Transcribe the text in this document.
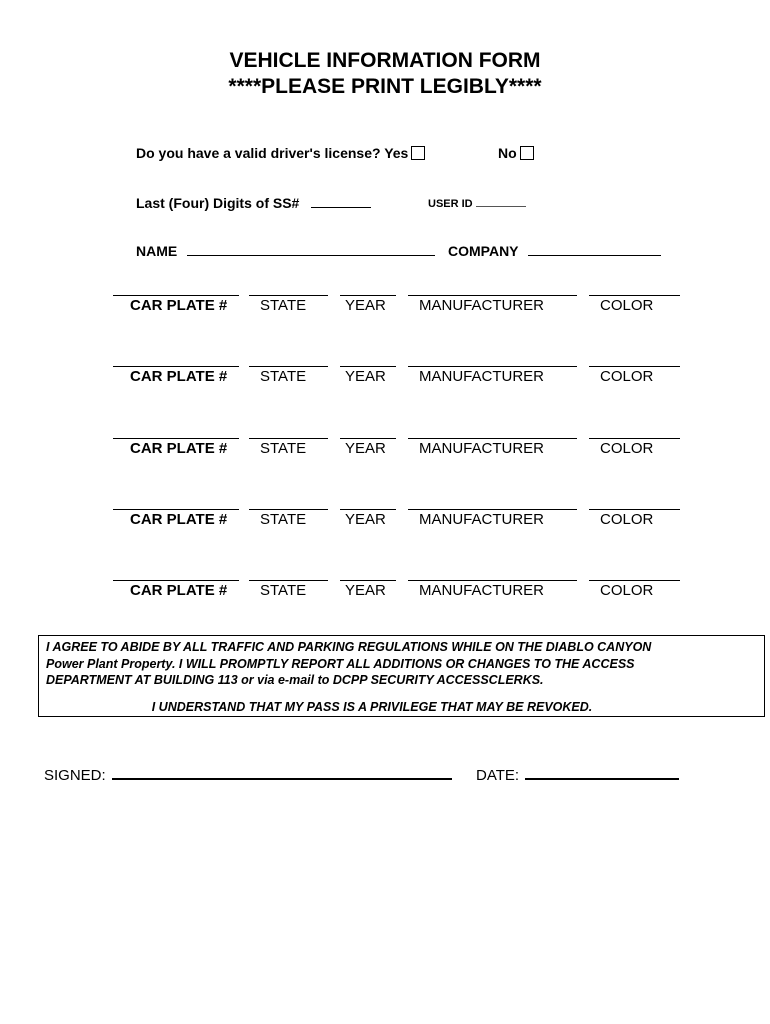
VEHICLE INFORMATION FORM
****PLEASE PRINT LEGIBLY****
Do you have a valid driver's license? Yes	No
Last (Four) Digits of SS#	USER ID
NAME	COMPANY
CAR PLATE # STATE	YEAR MANUFACTURER	COLOR
CAR PLATE # STATE	YEAR MANUFACTURER	COLOR
CAR PLATE # STATE	YEAR MANUFACTURER	COLOR
CAR PLATE # STATE	YEAR MANUFACTURER	COLOR
CAR PLATE # STATE	YEAR MANUFACTURER	COLOR
I AGREE TO ABIDE BY ALL TRAFFIC AND PARKING REGULATIONS WHILE ON THE DIABLO CANYON
Power Plant Property. I WILL PROMPTLY REPORT ALL ADDITIONS OR CHANGES TO THE ACCESS
DEPARTMENT AT BUILDING 113 or via e-mail to DCPP SECURITY ACCESSCLERKS.
I UNDERSTAND THAT MY PASS IS A PRIVILEGE THAT MAY BE REVOKED.
SIGNED:	DATE:
